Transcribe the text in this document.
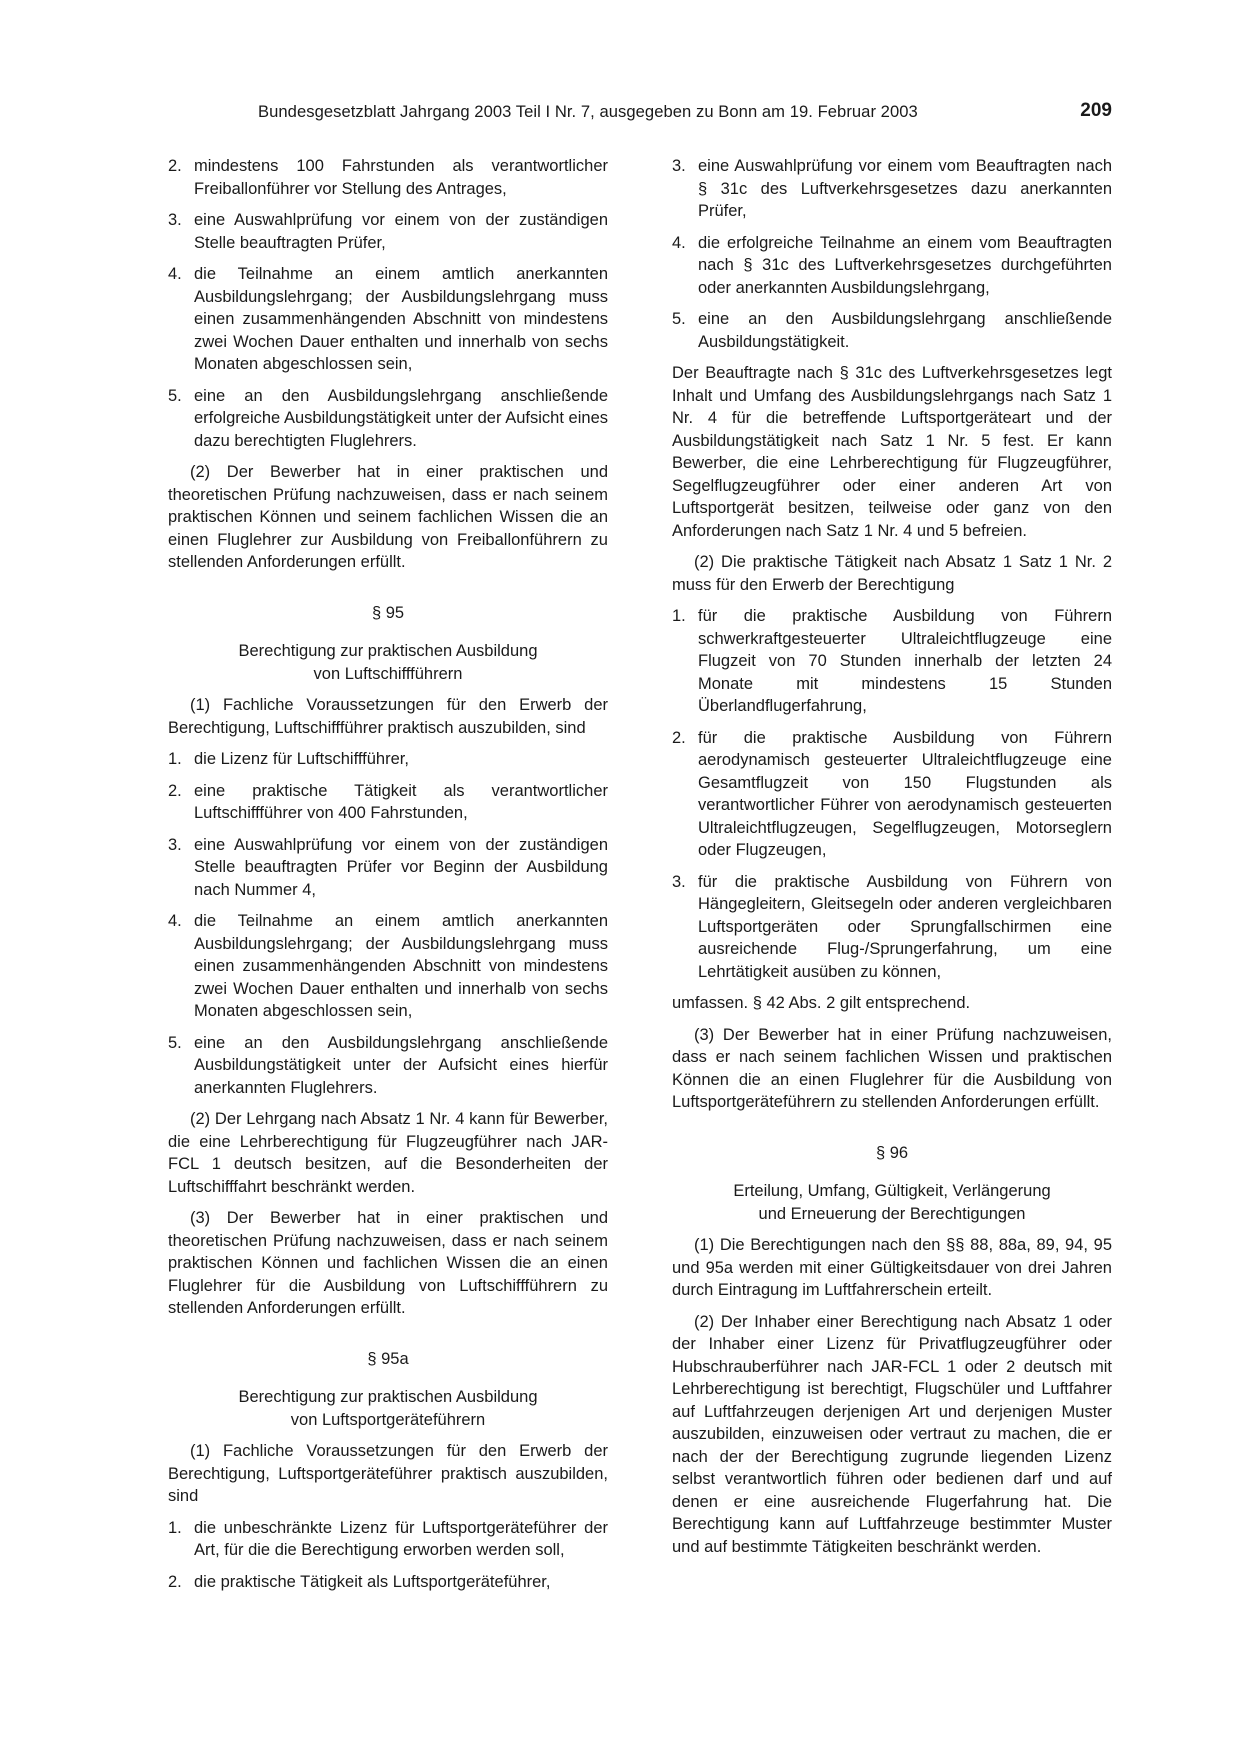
Bundesgesetzblatt Jahrgang 2003 Teil I Nr. 7, ausgegeben zu Bonn am 19. Februar 2003	209
2. mindestens 100 Fahrstunden als verantwortlicher Freiballonführer vor Stellung des Antrages,
3. eine Auswahlprüfung vor einem von der zuständigen Stelle beauftragten Prüfer,
4. die Teilnahme an einem amtlich anerkannten Ausbildungslehrgang; der Ausbildungslehrgang muss einen zusammenhängenden Abschnitt von mindestens zwei Wochen Dauer enthalten und innerhalb von sechs Monaten abgeschlossen sein,
5. eine an den Ausbildungslehrgang anschließende erfolgreiche Ausbildungstätigkeit unter der Aufsicht eines dazu berechtigten Fluglehrers.

(2) Der Bewerber hat in einer praktischen und theoretischen Prüfung nachzuweisen, dass er nach seinem praktischen Können und seinem fachlichen Wissen die an einen Fluglehrer zur Ausbildung von Freiballonführern zu stellenden Anforderungen erfüllt.

§ 95
Berechtigung zur praktischen Ausbildung
von Luftschiffführern

(1) Fachliche Voraussetzungen für den Erwerb der Berechtigung, Luftschiffführer praktisch auszubilden, sind

1. die Lizenz für Luftschiffführer,
2. eine praktische Tätigkeit als verantwortlicher Luftschiffführer von 400 Fahrstunden,
3. eine Auswahlprüfung vor einem von der zuständigen Stelle beauftragten Prüfer vor Beginn der Ausbildung nach Nummer 4,
4. die Teilnahme an einem amtlich anerkannten Ausbildungslehrgang; der Ausbildungslehrgang muss einen zusammenhängenden Abschnitt von mindestens zwei Wochen Dauer enthalten und innerhalb von sechs Monaten abgeschlossen sein,
5. eine an den Ausbildungslehrgang anschließende Ausbildungstätigkeit unter der Aufsicht eines hierfür anerkannten Fluglehrers.

(2) Der Lehrgang nach Absatz 1 Nr. 4 kann für Bewerber, die eine Lehrberechtigung für Flugzeugführer nach JAR-FCL 1 deutsch besitzen, auf die Besonderheiten der Luftschifffahrt beschränkt werden.

(3) Der Bewerber hat in einer praktischen und theoretischen Prüfung nachzuweisen, dass er nach seinem praktischen Können und fachlichen Wissen die an einen Fluglehrer für die Ausbildung von Luftschiffführern zu stellenden Anforderungen erfüllt.

§ 95a
Berechtigung zur praktischen Ausbildung
von Luftsportgeräteführern

(1) Fachliche Voraussetzungen für den Erwerb der Berechtigung, Luftsportgeräteführer praktisch auszubilden, sind

1. die unbeschränkte Lizenz für Luftsportgeräteführer der Art, für die die Berechtigung erworben werden soll,
2. die praktische Tätigkeit als Luftsportgeräteführer,
3. eine Auswahlprüfung vor einem vom Beauftragten nach § 31c des Luftverkehrsgesetzes dazu anerkannten Prüfer,
4. die erfolgreiche Teilnahme an einem vom Beauftragten nach § 31c des Luftverkehrsgesetzes durchgeführten oder anerkannten Ausbildungslehrgang,
5. eine an den Ausbildungslehrgang anschließende Ausbildungstätigkeit.

Der Beauftragte nach § 31c des Luftverkehrsgesetzes legt Inhalt und Umfang des Ausbildungslehrgangs nach Satz 1 Nr. 4 für die betreffende Luftsportgeräteart und der Ausbildungstätigkeit nach Satz 1 Nr. 5 fest. Er kann Bewerber, die eine Lehrberechtigung für Flugzeugführer, Segelflugzeugführer oder einer anderen Art von Luftsportgerät besitzen, teilweise oder ganz von den Anforderungen nach Satz 1 Nr. 4 und 5 befreien.

(2) Die praktische Tätigkeit nach Absatz 1 Satz 1 Nr. 2 muss für den Erwerb der Berechtigung

1. für die praktische Ausbildung von Führern schwerkraftgesteuerter Ultraleichtflugzeuge eine Flugzeit von 70 Stunden innerhalb der letzten 24 Monate mit mindestens 15 Stunden Überlandflugerfahrung,
2. für die praktische Ausbildung von Führern aerodynamisch gesteuerter Ultraleichtflugzeuge eine Gesamtflugzeit von 150 Flugstunden als verantwortlicher Führer von aerodynamisch gesteuerten Ultraleichtflugzeugen, Segelflugzeugen, Motorseglern oder Flugzeugen,
3. für die praktische Ausbildung von Führern von Hängegleitern, Gleitsegeln oder anderen vergleichbaren Luftsportgeräten oder Sprungfallschirmen eine ausreichende Flug-/Sprungerfahrung, um eine Lehrtätigkeit ausüben zu können,

umfassen. § 42 Abs. 2 gilt entsprechend.

(3) Der Bewerber hat in einer Prüfung nachzuweisen, dass er nach seinem fachlichen Wissen und praktischen Können die an einen Fluglehrer für die Ausbildung von Luftsportgeräteführern zu stellenden Anforderungen erfüllt.

§ 96
Erteilung, Umfang, Gültigkeit, Verlängerung
und Erneuerung der Berechtigungen

(1) Die Berechtigungen nach den §§ 88, 88a, 89, 94, 95 und 95a werden mit einer Gültigkeitsdauer von drei Jahren durch Eintragung im Luftfahrerschein erteilt.

(2) Der Inhaber einer Berechtigung nach Absatz 1 oder der Inhaber einer Lizenz für Privatflugzeugführer oder Hubschrauberführer nach JAR-FCL 1 oder 2 deutsch mit Lehrberechtigung ist berechtigt, Flugschüler und Luftfahrer auf Luftfahrzeugen derjenigen Art und derjenigen Muster auszubilden, einzuweisen oder vertraut zu machen, die er nach der der Berechtigung zugrunde liegenden Lizenz selbst verantwortlich führen oder bedienen darf und auf denen er eine ausreichende Flugerfahrung hat. Die Berechtigung kann auf Luftfahrzeuge bestimmter Muster und auf bestimmte Tätigkeiten beschränkt werden.
